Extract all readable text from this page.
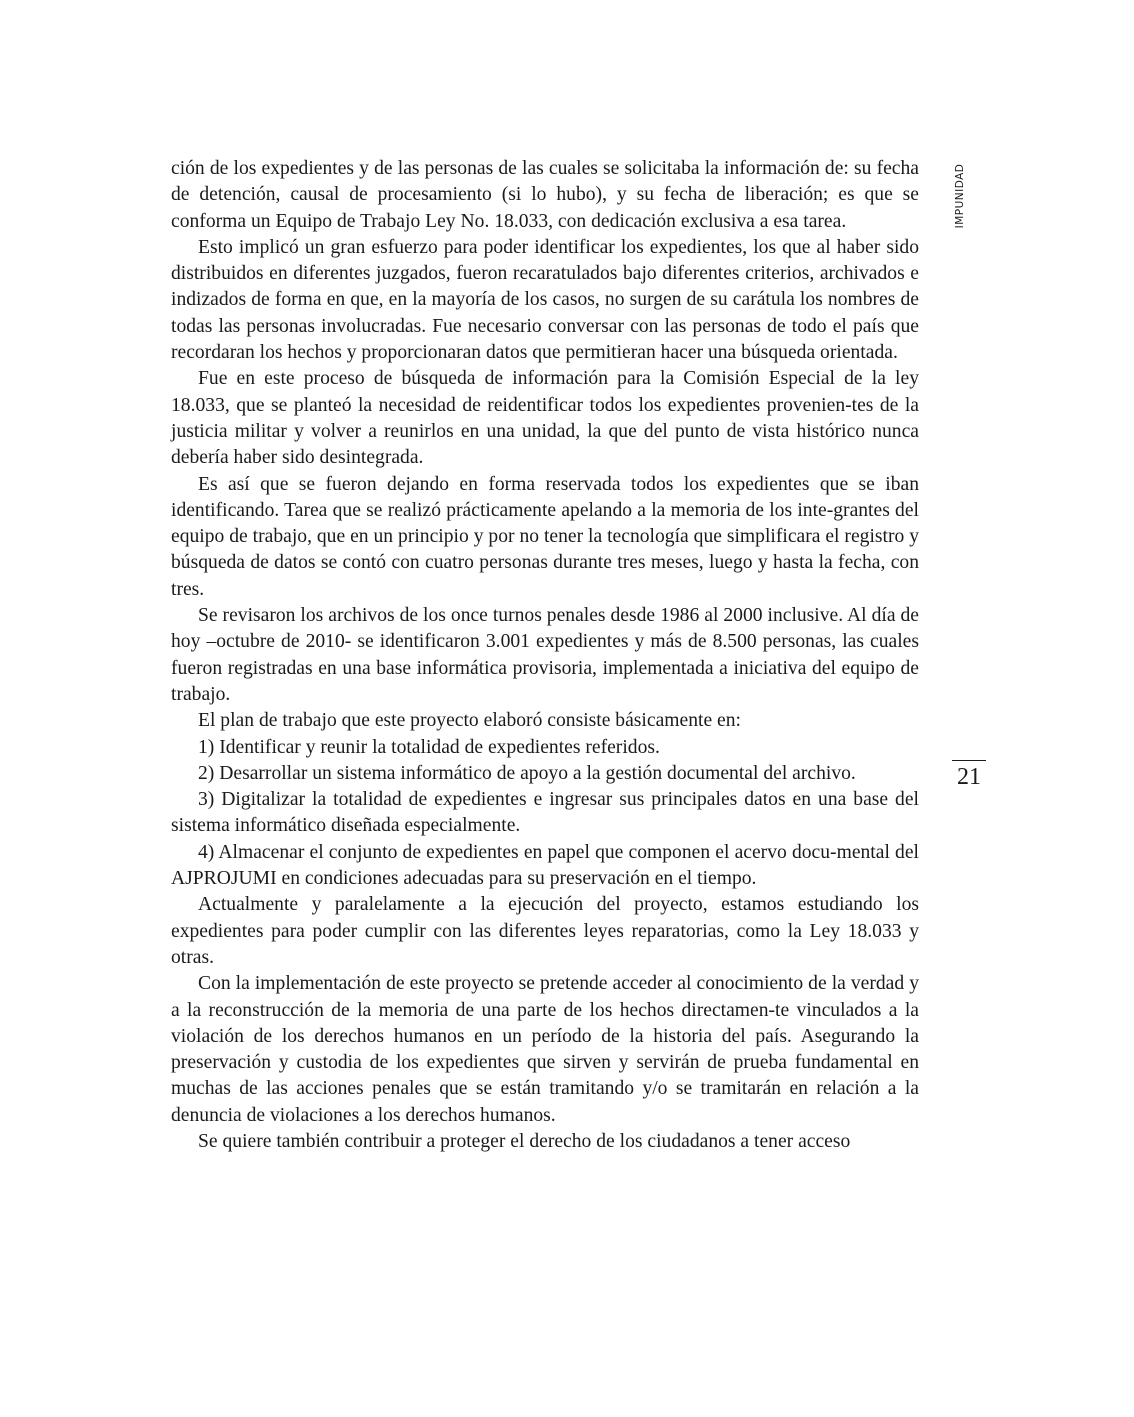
IMPUNIDAD

ción de los expedientes y de las personas de las cuales se solicitaba la información de: su fecha de detención, causal de procesamiento (si lo hubo), y su fecha de liberación; es que se conforma un Equipo de Trabajo Ley No. 18.033, con dedicación exclusiva a esa tarea.

Esto implicó un gran esfuerzo para poder identificar los expedientes, los que al haber sido distribuidos en diferentes juzgados, fueron recaratulados bajo diferentes criterios, archivados e indizados de forma en que, en la mayoría de los casos, no surgen de su carátula los nombres de todas las personas involucradas. Fue necesario conversar con las personas de todo el país que recordaran los hechos y proporcionaran datos que permitieran hacer una búsqueda orientada.

Fue en este proceso de búsqueda de información para la Comisión Especial de la ley 18.033, que se planteó la necesidad de reidentificar todos los expedientes provenien-tes de la justicia militar y volver a reunirlos en una unidad, la que del punto de vista histórico nunca debería haber sido desintegrada.

Es así que se fueron dejando en forma reservada todos los expedientes que se iban identificando. Tarea que se realizó prácticamente apelando a la memoria de los inte-grantes del equipo de trabajo, que en un principio y por no tener la tecnología que simplificara el registro y búsqueda de datos se contó con cuatro personas durante tres meses, luego y hasta la fecha, con tres.

Se revisaron los archivos de los once turnos penales desde 1986 al 2000 inclusive. Al día de hoy –octubre de 2010- se identificaron 3.001 expedientes y más de 8.500 personas, las cuales fueron registradas en una base informática provisoria, implementada a iniciativa del equipo de trabajo.

El plan de trabajo que este proyecto elaboró consiste básicamente en:

1) Identificar y reunir la totalidad de expedientes referidos.

2) Desarrollar un sistema informático de apoyo a la gestión documental del archivo.

3) Digitalizar la totalidad de expedientes e ingresar sus principales datos en una base del sistema informático diseñada especialmente.

4) Almacenar el conjunto de expedientes en papel que componen el acervo docu-mental del AJPROJUMI en condiciones adecuadas para su preservación en el tiempo.

Actualmente y paralelamente a la ejecución del proyecto, estamos estudiando los expedientes para poder cumplir con las diferentes leyes reparatorias, como la Ley 18.033 y otras.

Con la implementación de este proyecto se pretende acceder al conocimiento de la verdad y a la reconstrucción de la memoria de una parte de los hechos directamen-te vinculados a la violación de los derechos humanos en un período de la historia del país. Asegurando la preservación y custodia de los expedientes que sirven y servirán de prueba fundamental en muchas de las acciones penales que se están tramitando y/o se tramitarán en relación a la denuncia de violaciones a los derechos humanos.

Se quiere también contribuir a proteger el derecho de los ciudadanos a tener acceso

21
